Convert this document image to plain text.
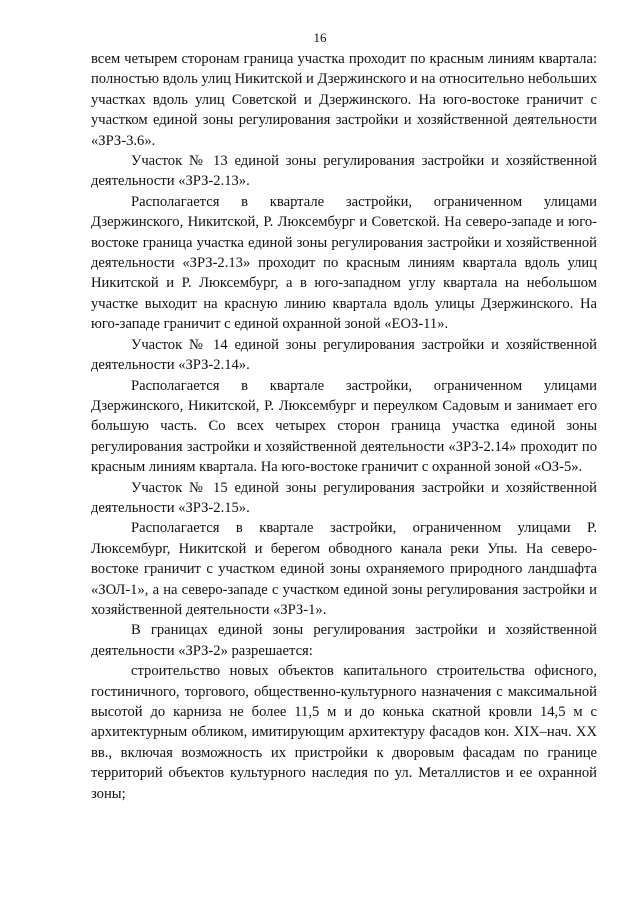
16

всем четырем сторонам граница участка проходит по красным линиям квартала: полностью вдоль улиц Никитской и Дзержинского и на относительно небольших участках вдоль улиц Советской и Дзержинского. На юго-востоке граничит с участком единой зоны регулирования застройки и хозяйственной деятельности «ЗРЗ-3.6».

Участок № 13 единой зоны регулирования застройки и хозяйственной деятельности «ЗРЗ-2.13».

Располагается в квартале застройки, ограниченном улицами Дзержинского, Никитской, Р. Люксембург и Советской. На северо-западе и юго-востоке граница участка единой зоны регулирования застройки и хозяйственной деятельности «ЗРЗ-2.13» проходит по красным линиям квартала вдоль улиц Никитской и Р. Люксембург, а в юго-западном углу квартала на небольшом участке выходит на красную линию квартала вдоль улицы Дзержинского. На юго-западе граничит с единой охранной зоной «ЕОЗ-11».

Участок № 14 единой зоны регулирования застройки и хозяйственной деятельности «ЗРЗ-2.14».

Располагается в квартале застройки, ограниченном улицами Дзержинского, Никитской, Р. Люксембург и переулком Садовым и занимает его большую часть. Со всех четырех сторон граница участка единой зоны регулирования застройки и хозяйственной деятельности «ЗРЗ-2.14» проходит по красным линиям квартала. На юго-востоке граничит с охранной зоной «ОЗ-5».

Участок № 15 единой зоны регулирования застройки и хозяйственной деятельности «ЗРЗ-2.15».

Располагается в квартале застройки, ограниченном улицами Р. Люксембург, Никитской и берегом обводного канала реки Упы. На северо-востоке граничит с участком единой зоны охраняемого природного ландшафта «ЗОЛ-1», а на северо-западе с участком единой зоны регулирования застройки и хозяйственной деятельности «ЗРЗ-1».

В границах единой зоны регулирования застройки и хозяйственной деятельности «ЗРЗ-2» разрешается:

строительство новых объектов капитального строительства офисного, гостиничного, торгового, общественно-культурного назначения с максимальной высотой до карниза не более 11,5 м и до конька скатной кровли 14,5 м с архитектурным обликом, имитирующим архитектуру фасадов кон. XIX–нач. XX вв., включая возможность их пристройки к дворовым фасадам по границе территорий объектов культурного наследия по ул. Металлистов и ее охранной зоны;
